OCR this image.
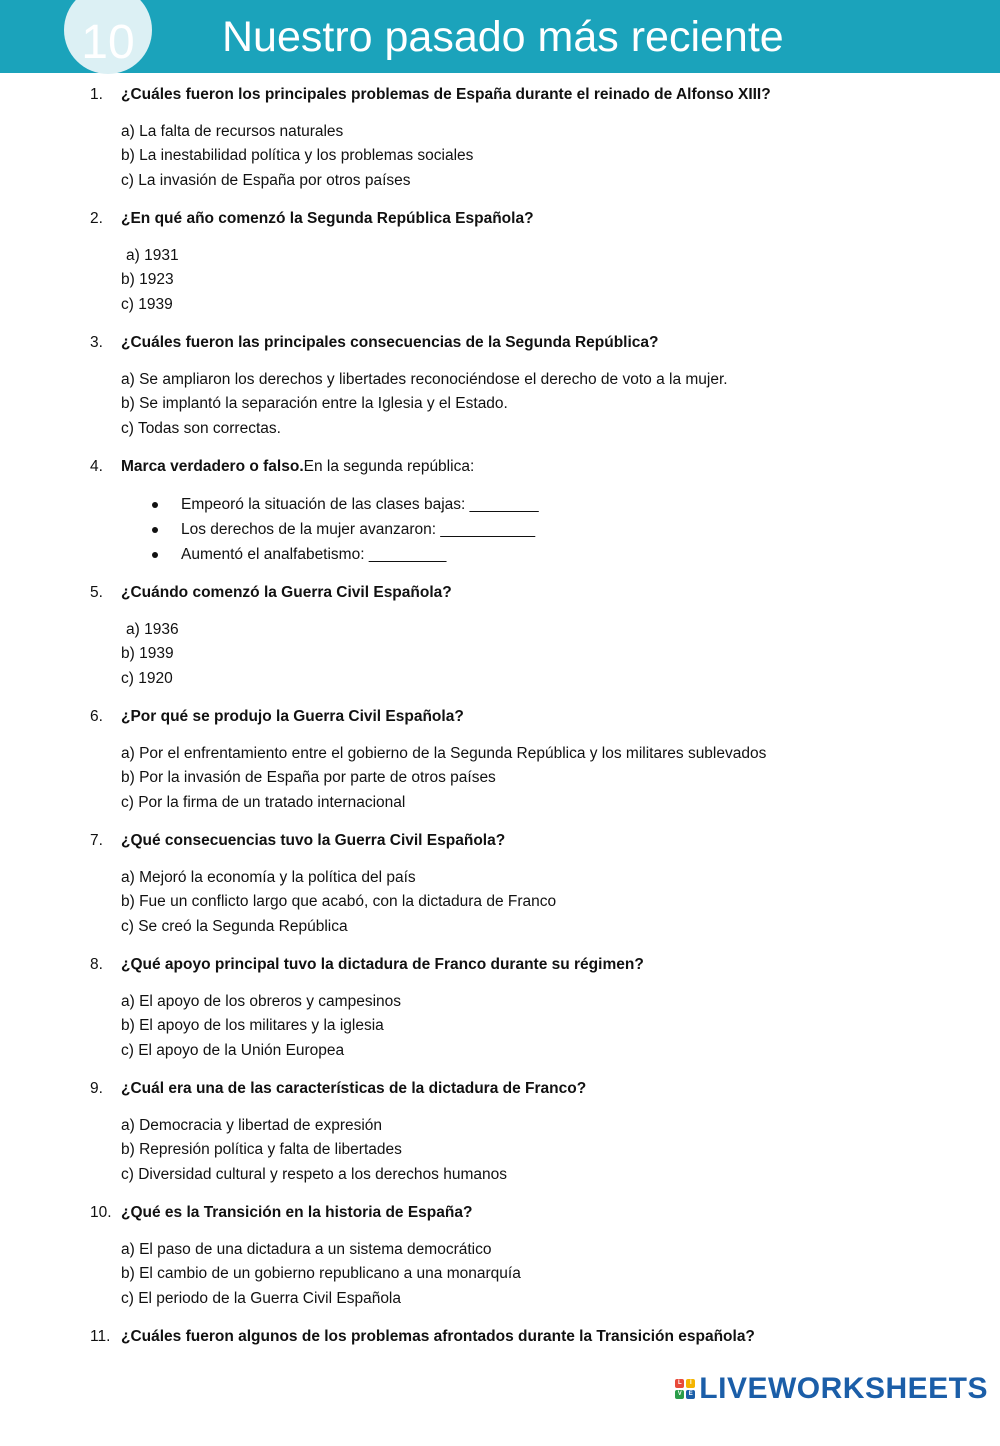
10	Nuestro pasado más reciente
1. ¿Cuáles fueron los principales problemas de España durante el reinado de Alfonso XIII?
a) La falta de recursos naturales
b) La inestabilidad política y los problemas sociales
c) La invasión de España por otros países
2. ¿En qué año comenzó la Segunda República Española?
a) 1931
b) 1923
c) 1939
3. ¿Cuáles fueron las principales consecuencias de la Segunda República?
a) Se ampliaron los derechos y libertades reconociéndose el derecho de voto a la mujer.
b) Se implantó la separación entre la Iglesia y el Estado.
c) Todas son correctas.
4. Marca verdadero o falso.En la segunda república:
Empeoró la situación de las clases bajas: ________
Los derechos de la mujer avanzaron: ___________
Aumentó el analfabetismo: _________
5. ¿Cuándo comenzó la Guerra Civil Española?
a) 1936
b) 1939
c) 1920
6. ¿Por qué se produjo la Guerra Civil Española?
a) Por el enfrentamiento entre el gobierno de la Segunda República y los militares sublevados
b) Por la invasión de España por parte de otros países
c) Por la firma de un tratado internacional
7. ¿Qué consecuencias tuvo la Guerra Civil Española?
a) Mejoró la economía y la política del país
b) Fue un conflicto largo que acabó, con la dictadura de Franco
c) Se creó la Segunda República
8. ¿Qué apoyo principal tuvo la dictadura de Franco durante su régimen?
a) El apoyo de los obreros y campesinos
b) El apoyo de los militares y la iglesia
c) El apoyo de la Unión Europea
9. ¿Cuál era una de las características de la dictadura de Franco?
a) Democracia y libertad de expresión
b) Represión política y falta de libertades
c) Diversidad cultural y respeto a los derechos humanos
10. ¿Qué es la Transición en la historia de España?
a) El paso de una dictadura a un sistema democrático
b) El cambio de un gobierno republicano a una monarquía
c) El periodo de la Guerra Civil Española
11. ¿Cuáles fueron algunos de los problemas afrontados durante la Transición española?
L	I
V	E LIVEWORKSHEETS
